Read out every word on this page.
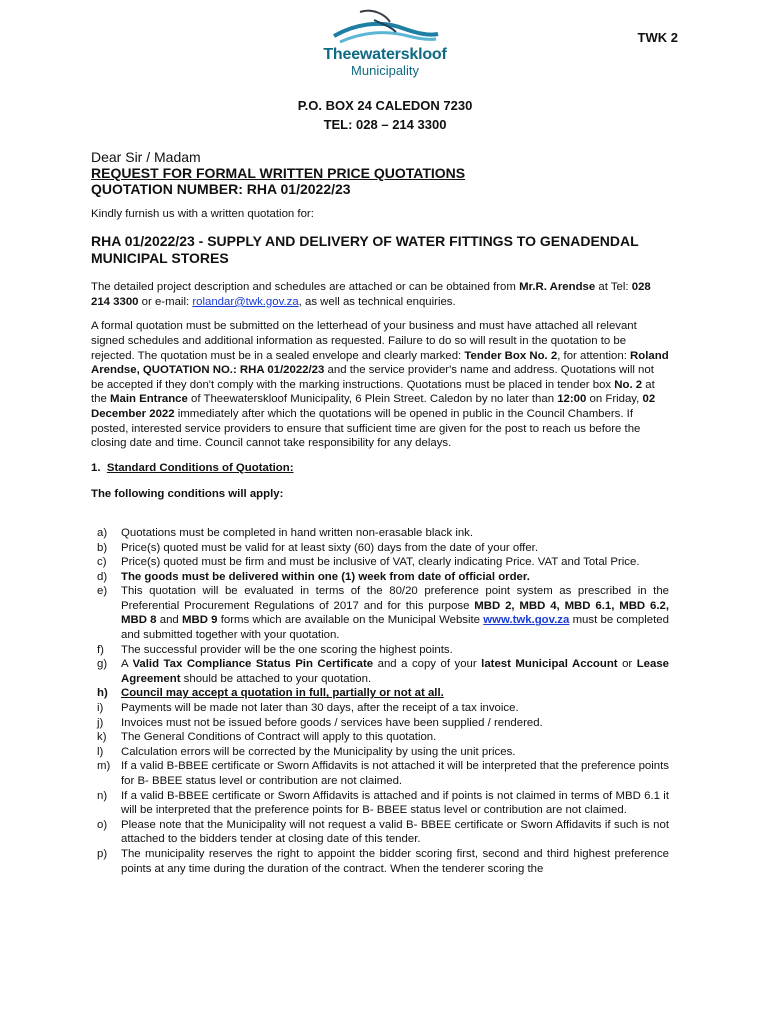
TWK 2
Theewaterskloof
Municipality
P.O. BOX 24 CALEDON 7230
TEL: 028 – 214 3300
Dear Sir / Madam
REQUEST FOR FORMAL WRITTEN PRICE QUOTATIONS
QUOTATION NUMBER: RHA 01/2022/23
Kindly furnish us with a written quotation for:
RHA 01/2022/23 - SUPPLY AND DELIVERY OF WATER FITTINGS TO GENADENDAL MUNICIPAL STORES

The detailed project description and schedules are attached or can be obtained from Mr.R. Arendse at Tel: 028 214 3300 or e-mail: rolandar@twk.gov.za, as well as technical enquiries.

A formal quotation must be submitted on the letterhead of your business and must have attached all relevant signed schedules and additional information as requested. Failure to do so will result in the quotation to be rejected. The quotation must be in a sealed envelope and clearly marked: Tender Box No. 2, for attention: Roland Arendse, QUOTATION NO.: RHA 01/2022/23 and the service provider's name and address. Quotations will not be accepted if they don't comply with the marking instructions. Quotations must be placed in tender box No. 2 at the Main Entrance of Theewaterskloof Municipality, 6 Plein Street. Caledon by no later than 12:00 on Friday, 02 December 2022 immediately after which the quotations will be opened in public in the Council Chambers. If posted, interested service providers to ensure that sufficient time are given for the post to reach us before the closing date and time. Council cannot take responsibility for any delays.

1. Standard Conditions of Quotation:
The following conditions will apply:
a)	Quotations must be completed in hand written non-erasable black ink.
b)	Price(s) quoted must be valid for at least sixty (60) days from the date of your offer.
c)	Price(s) quoted must be firm and must be inclusive of VAT, clearly indicating Price. VAT and Total Price.
d)	The goods must be delivered within one (1) week from date of official order.
e)	This quotation will be evaluated in terms of the 80/20 preference point system as prescribed in the Preferential Procurement Regulations of 2017 and for this purpose MBD 2, MBD 4, MBD 6.1, MBD 6.2, MBD 8 and MBD 9 forms which are available on the Municipal Website www.twk.gov.za must be completed and submitted together with your quotation.
f)	The successful provider will be the one scoring the highest points.
g)	A Valid Tax Compliance Status Pin Certificate and a copy of your latest Municipal Account or Lease Agreement should be attached to your quotation.
h)	Council may accept a quotation in full, partially or not at all.
i)	Payments will be made not later than 30 days, after the receipt of a tax invoice.
j)	Invoices must not be issued before goods / services have been supplied / rendered.
k)	The General Conditions of Contract will apply to this quotation.
l)	Calculation errors will be corrected by the Municipality by using the unit prices.
m) If a valid B-BBEE certificate or Sworn Affidavits is not attached it will be interpreted that the preference points for B- BBEE status level or contribution are not claimed.
n)	If a valid B-BBEE certificate or Sworn Affidavits is attached and if points is not claimed in terms of MBD 6.1 it will be interpreted that the preference points for B- BBEE status level or contribution are not claimed.
o)	Please note that the Municipality will not request a valid B- BBEE certificate or Sworn Affidavits if such is not attached to the bidders tender at closing date of this tender.
p)	The municipality reserves the right to appoint the bidder scoring first, second and third highest preference points at any time during the duration of the contract. When the tenderer scoring the
